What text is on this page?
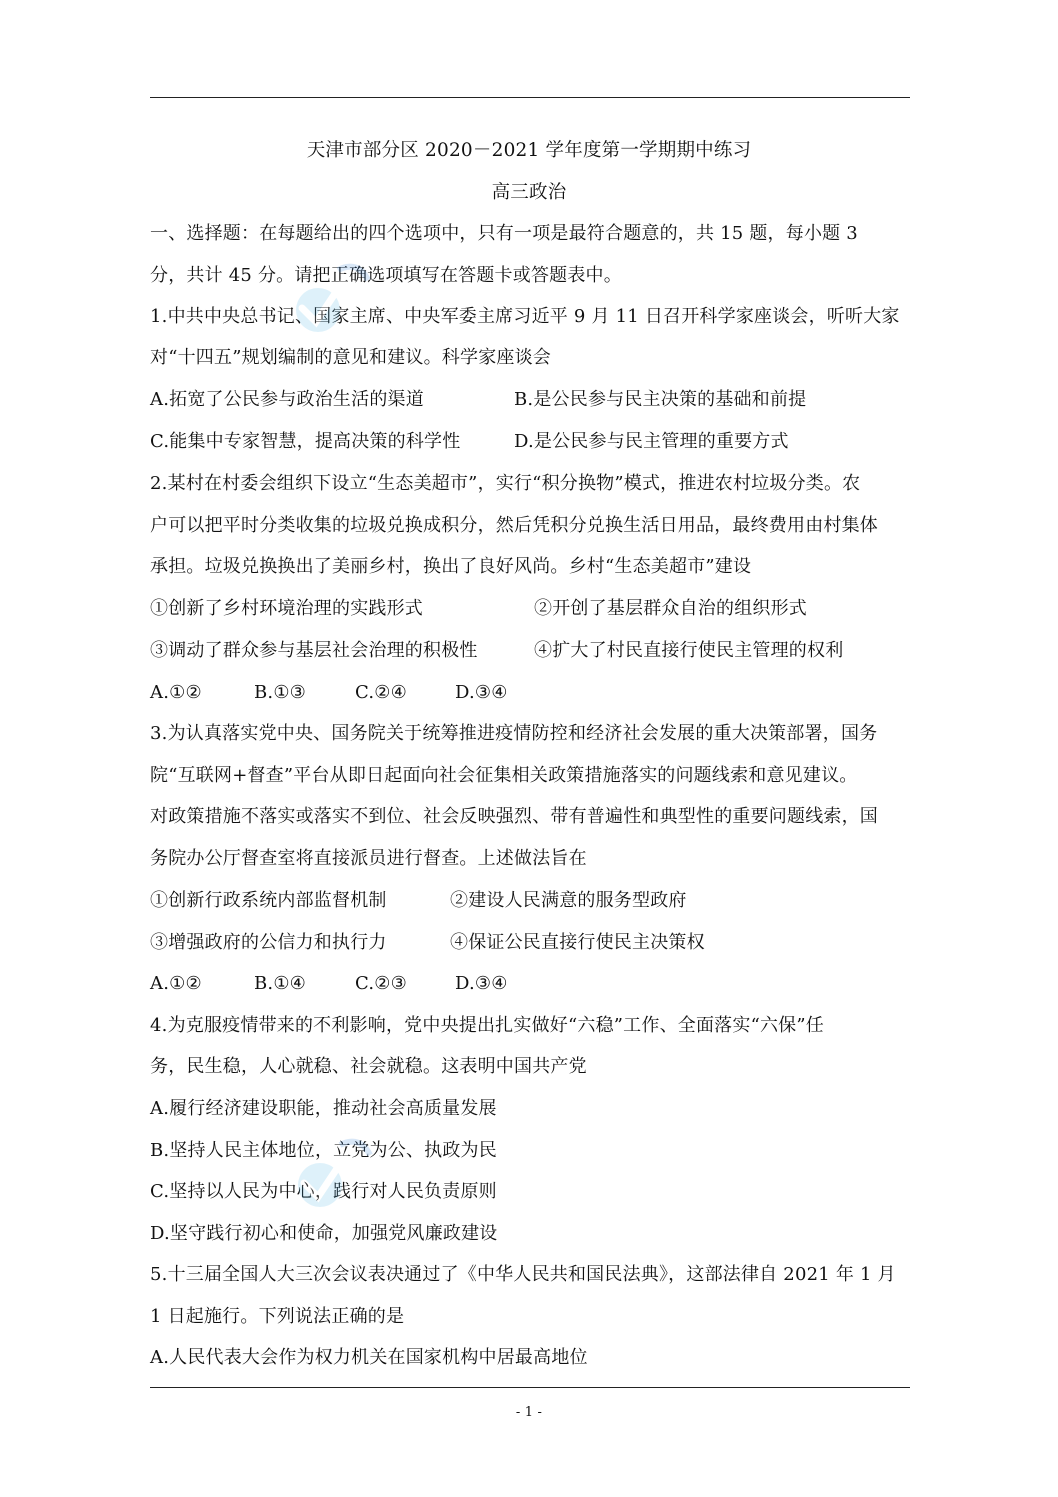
天津市部分区 2020－2021 学年度第一学期期中练习
高三政治
一、选择题：在每题给出的四个选项中，只有一项是最符合题意的，共 15 题，每小题 3
分，共计 45 分。请把正确选项填写在答题卡或答题表中。
1.中共中央总书记、国家主席、中央军委主席习近平 9 月 11 日召开科学家座谈会，听听大家
对“十四五”规划编制的意见和建议。科学家座谈会
A.拓宽了公民参与政治生活的渠道	B.是公民参与民主决策的基础和前提
C.能集中专家智慧，提高决策的科学性	D.是公民参与民主管理的重要方式
2.某村在村委会组织下设立“生态美超市”，实行“积分换物”模式，推进农村垃圾分类。农
户可以把平时分类收集的垃圾兑换成积分，然后凭积分兑换生活日用品，最终费用由村集体
承担。垃圾兑换换出了美丽乡村，换出了良好风尚。乡村“生态美超市”建设
①创新了乡村环境治理的实践形式	②开创了基层群众自治的组织形式
③调动了群众参与基层社会治理的积极性	④扩大了村民直接行使民主管理的权利
A.①②	B.①③	C.②④	D.③④
3.为认真落实党中央、国务院关于统筹推进疫情防控和经济社会发展的重大决策部署，国务
院“互联网+督查”平台从即日起面向社会征集相关政策措施落实的问题线索和意见建议。
对政策措施不落实或落实不到位、社会反映强烈、带有普遍性和典型性的重要问题线索，国
务院办公厅督查室将直接派员进行督查。上述做法旨在
①创新行政系统内部监督机制	②建设人民满意的服务型政府
③增强政府的公信力和执行力	④保证公民直接行使民主决策权
A.①②	B.①④	C.②③	D.③④
4.为克服疫情带来的不利影响，党中央提出扎实做好“六稳”工作、全面落实“六保”任
务，民生稳，人心就稳、社会就稳。这表明中国共产党
A.履行经济建设职能，推动社会高质量发展
B.坚持人民主体地位，立党为公、执政为民
C.坚持以人民为中心，践行对人民负责原则
D.坚守践行初心和使命，加强党风廉政建设
5.十三届全国人大三次会议表决通过了《中华人民共和国民法典》，这部法律自 2021 年 1 月
1 日起施行。下列说法正确的是
A.人民代表大会作为权力机关在国家机构中居最高地位
- 1 -
